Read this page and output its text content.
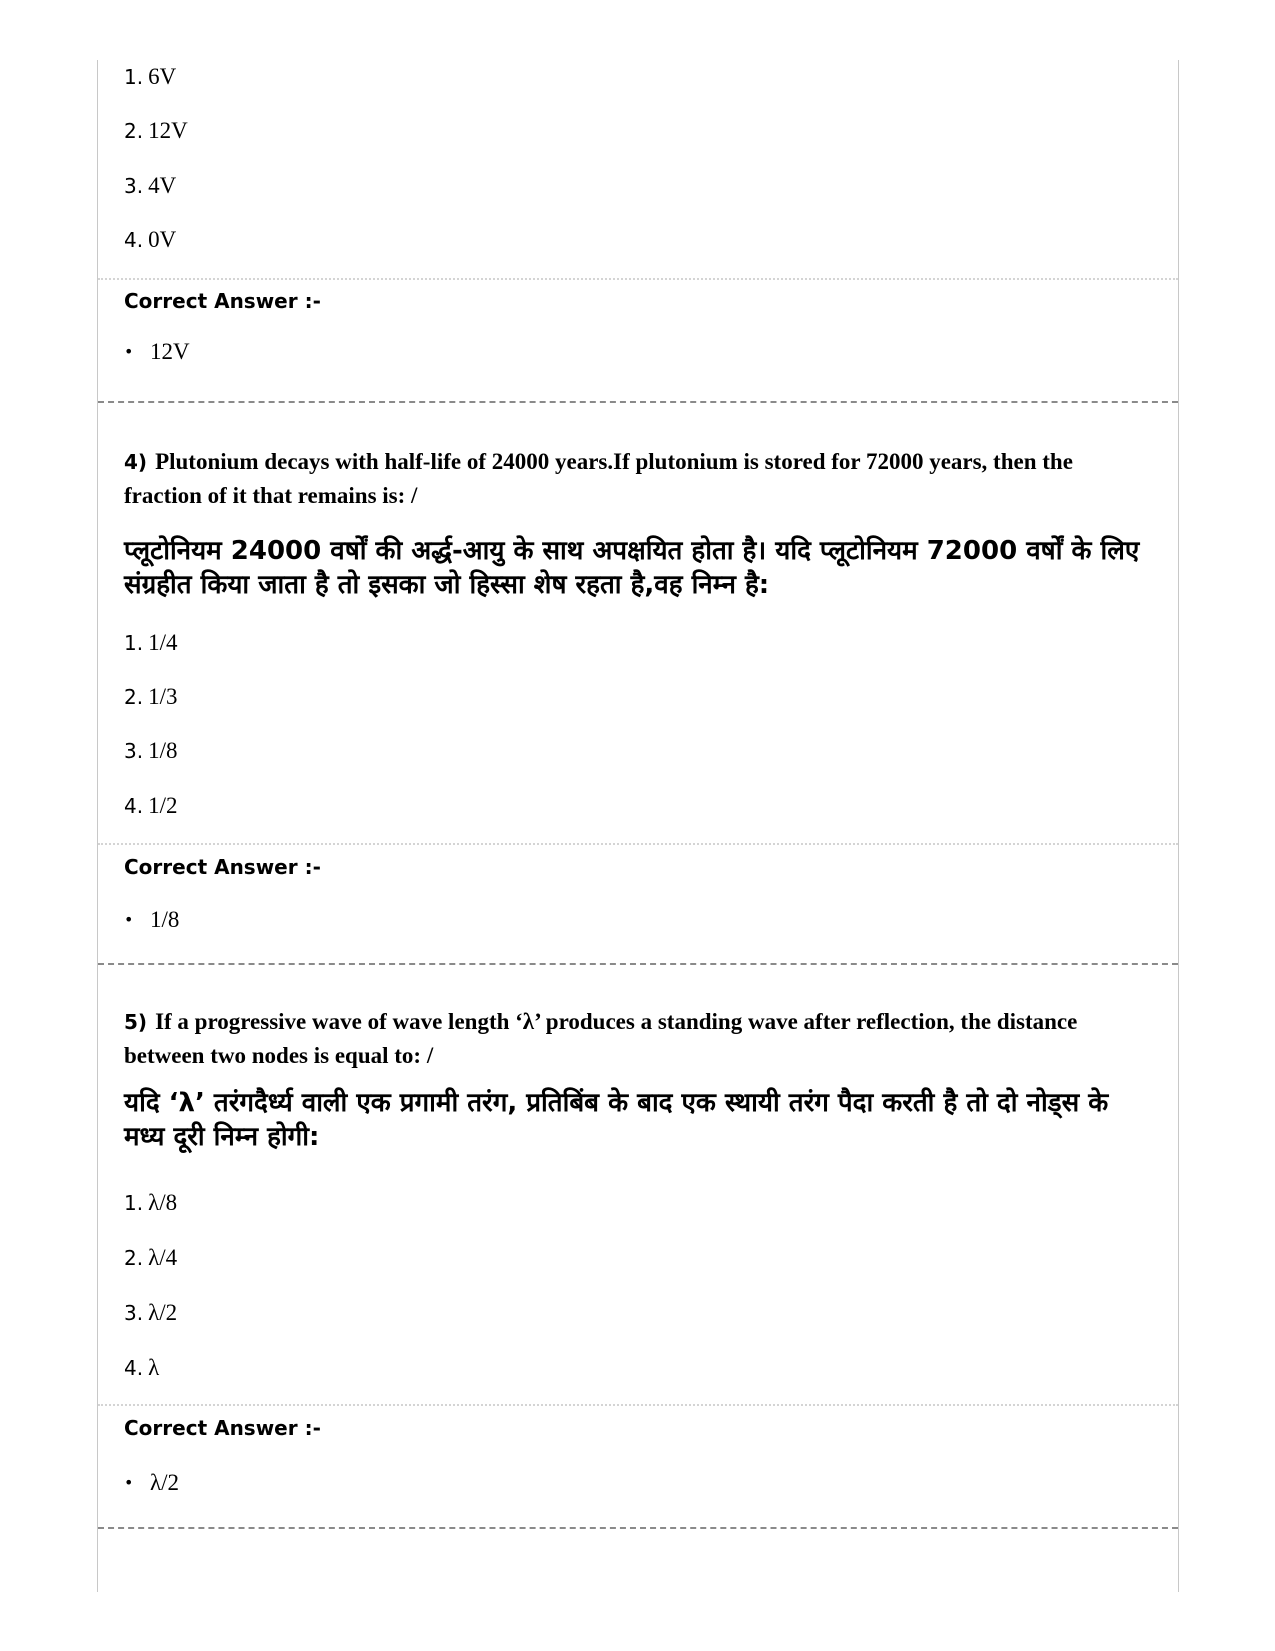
1. 6V
2. 12V
3. 4V
4. 0V
Correct Answer :-
• 12V
4) Plutonium decays with half-life of 24000 years.If plutonium is stored for 72000 years, then the fraction of it that remains is: /
प्लूटोनियम 24000 वर्षों की अर्द्ध-आयु के साथ अपक्षयित होता है। यदि प्लूटोनियम 72000 वर्षों के लिए संग्रहीत किया जाता है तो इसका जो हिस्सा शेष रहता है,वह निम्न है:
1. 1/4
2. 1/3
3. 1/8
4. 1/2
Correct Answer :-
• 1/8
5) If a progressive wave of wave length ‘λ’ produces a standing wave after reflection, the distance between two nodes is equal to: /
यदि ‘λ’ तरंगदैर्ध्य वाली एक प्रगामी तरंग, प्रतिबिंब के बाद एक स्थायी तरंग पैदा करती है तो दो नोड्स के मध्य दूरी निम्न होगी:
1. λ/8
2. λ/4
3. λ/2
4. λ
Correct Answer :-
• λ/2
